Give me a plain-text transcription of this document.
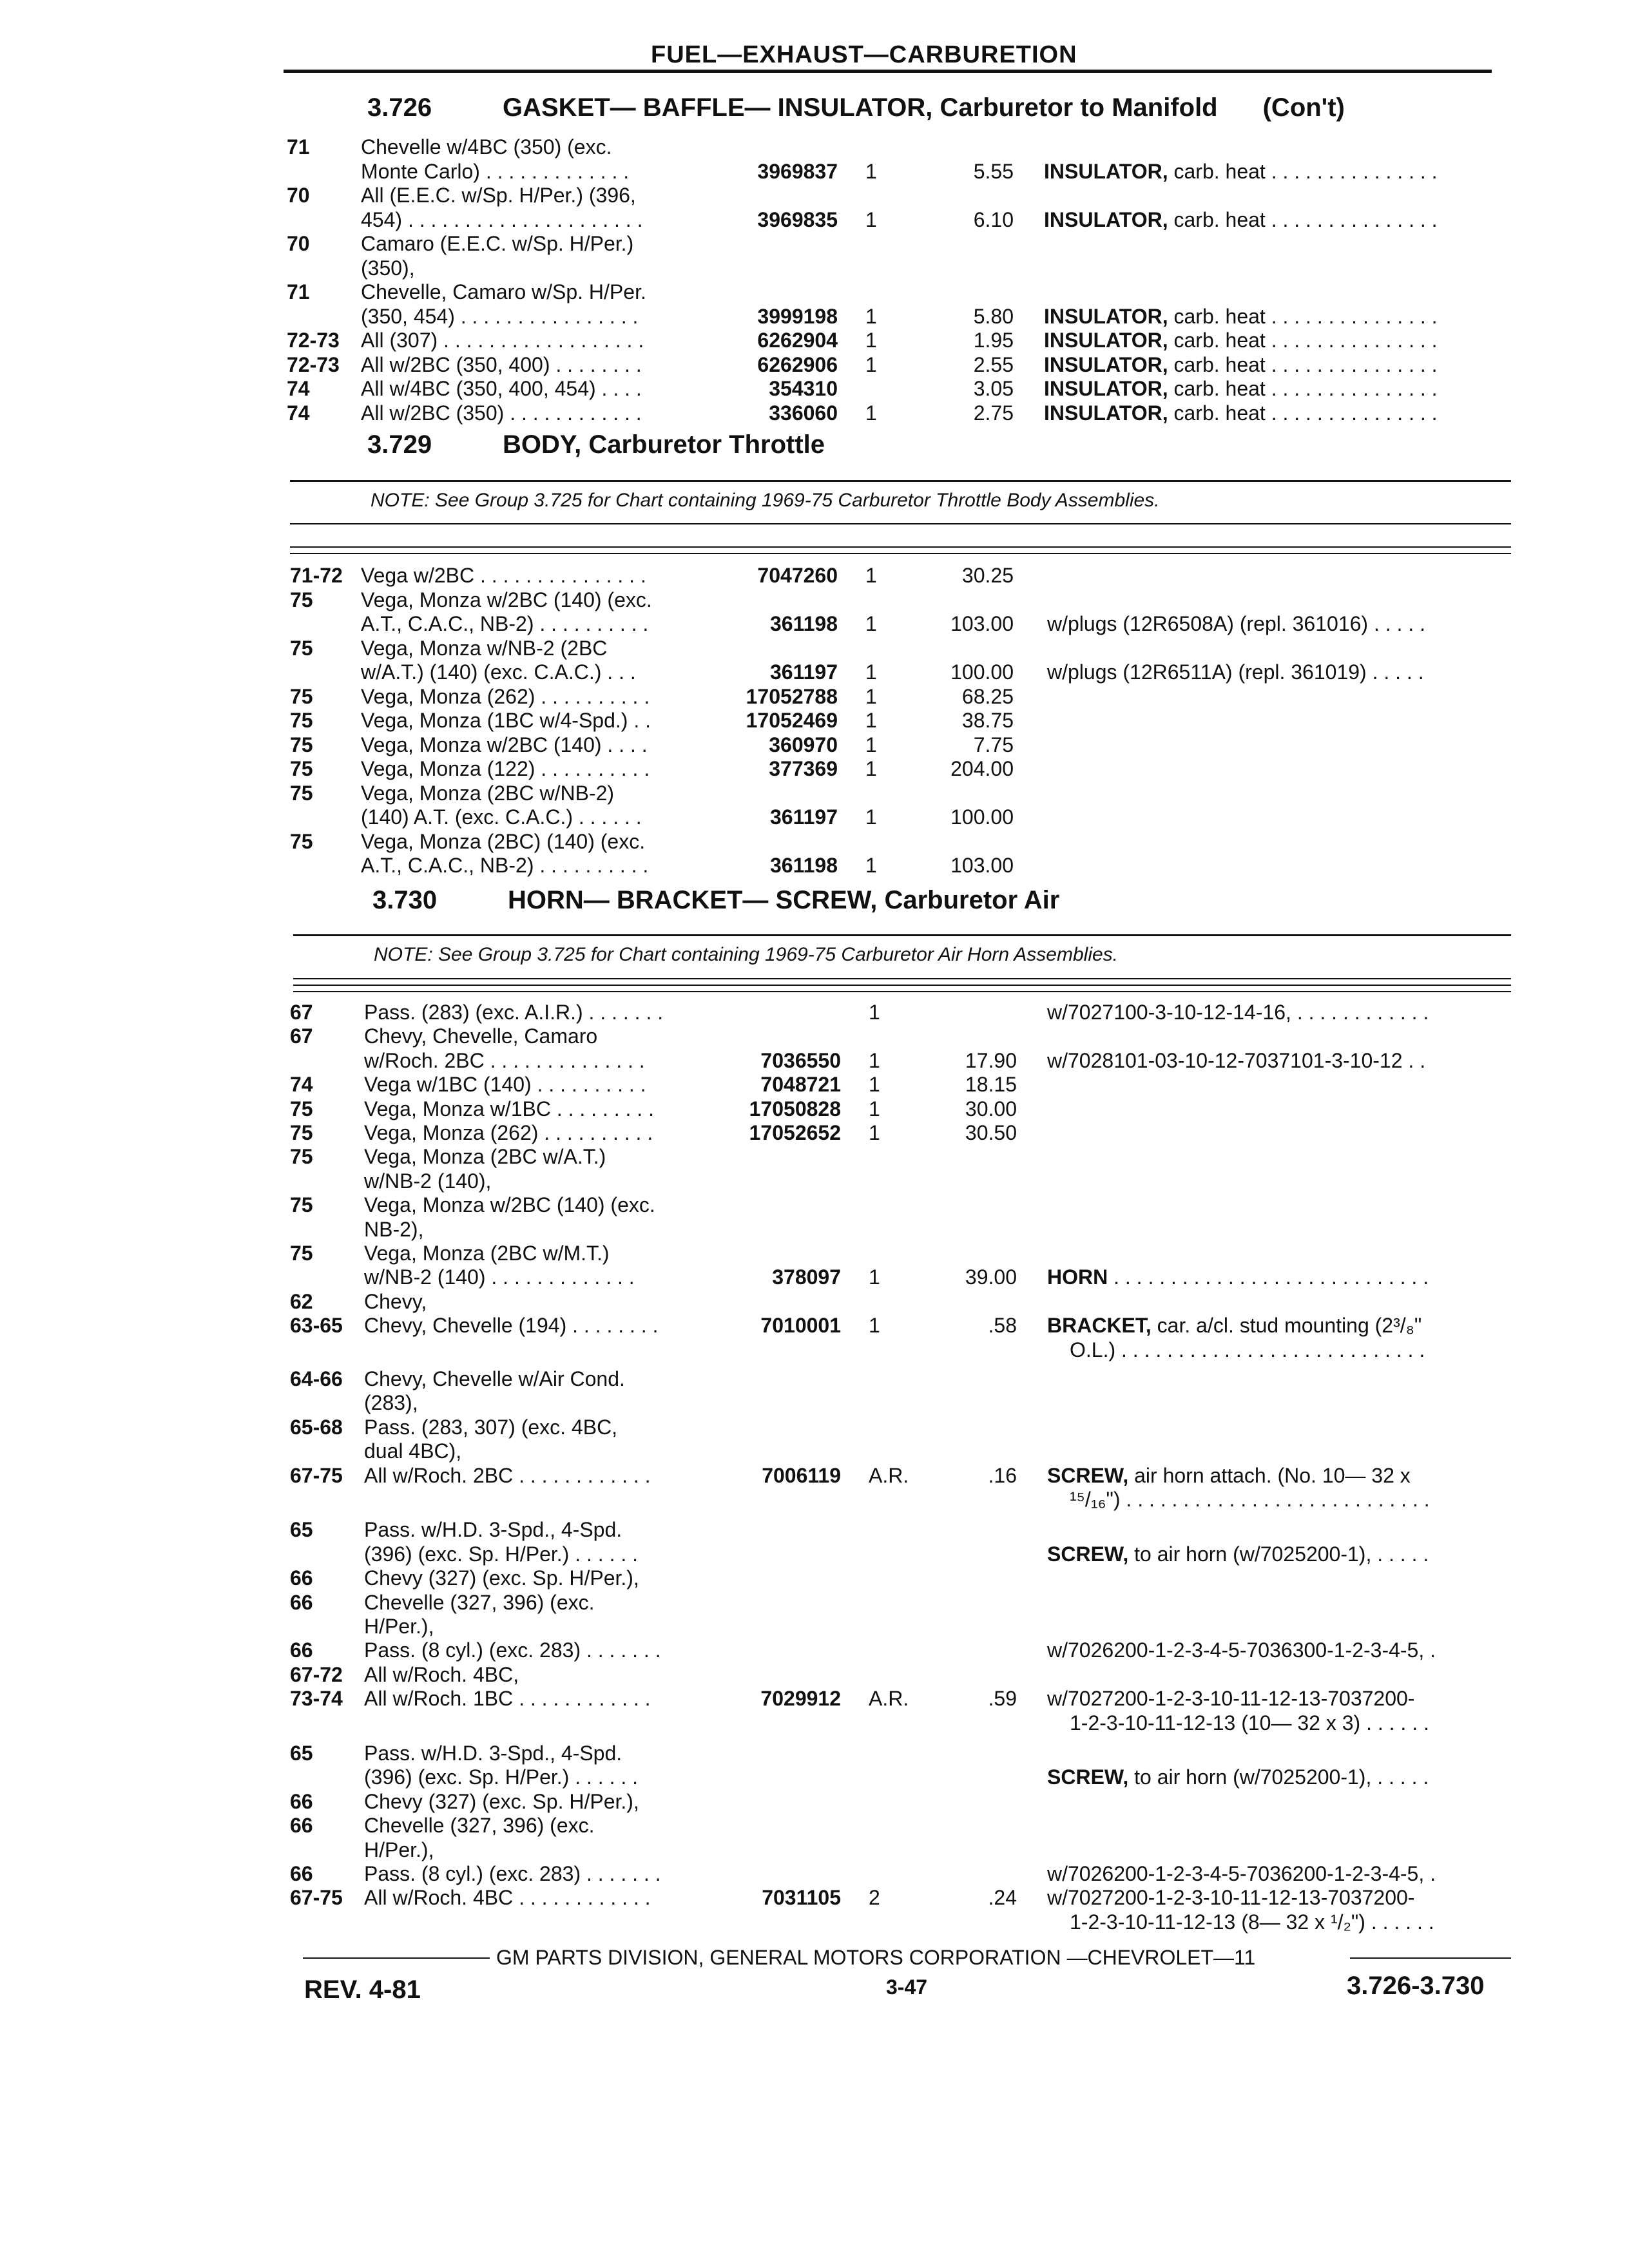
FUEL—EXHAUST—CARBURETION
3.726	GASKET— BAFFLE— INSULATOR, Carburetor to Manifold (Con't)
71 Chevelle w/4BC (350) (exc.
Monte Carlo) . . . . . . . . . . . . .	3969837 1	5.55 INSULATOR, carb. heat . . . . . . . . . . . . . . .
70 All (E.E.C. w/Sp. H/Per.) (396,
454) . . . . . . . . . . . . . . . . . . . . .	3969835 1	6.10 INSULATOR, carb. heat . . . . . . . . . . . . . . .
70 Camaro (E.E.C. w/Sp. H/Per.)
(350),
71 Chevelle, Camaro w/Sp. H/Per.
(350, 454) . . . . . . . . . . . . . . . .	3999198 1	5.80 INSULATOR, carb. heat . . . . . . . . . . . . . . .
72-73 All (307) . . . . . . . . . . . . . . . . . .	6262904 1	1.95 INSULATOR, carb. heat . . . . . . . . . . . . . . .
72-73 All w/2BC (350, 400) . . . . . . . .	6262906 1	2.55 INSULATOR, carb. heat . . . . . . . . . . . . . . .
74 All w/4BC (350, 400, 454) . . . .	354310	3.05 INSULATOR, carb. heat . . . . . . . . . . . . . . .
74 All w/2BC (350) . . . . . . . . . . . .	336060 1	2.75 INSULATOR, carb. heat . . . . . . . . . . . . . . .
3.729	BODY, Carburetor Throttle
NOTE: See Group 3.725 for Chart containing 1969-75 Carburetor Throttle Body Assemblies.
71-72 Vega w/2BC . . . . . . . . . . . . . . .	7047260 1	30.25
75 Vega, Monza w/2BC (140) (exc.
A.T., C.A.C., NB-2) . . . . . . . . . .	361198 1	103.00 w/plugs (12R6508A) (repl. 361016) . . . . .
75 Vega, Monza w/NB-2 (2BC
w/A.T.) (140) (exc. C.A.C.) . . .	361197 1	100.00 w/plugs (12R6511A) (repl. 361019) . . . . .
75 Vega, Monza (262) . . . . . . . . . .	17052788 1	68.25
75 Vega, Monza (1BC w/4-Spd.) . .	17052469 1	38.75
75 Vega, Monza w/2BC (140) . . . .	360970 1	7.75
75 Vega, Monza (122) . . . . . . . . . .	377369 1	204.00
75 Vega, Monza (2BC w/NB-2)
(140) A.T. (exc. C.A.C.) . . . . . .	361197 1	100.00
75 Vega, Monza (2BC) (140) (exc.
A.T., C.A.C., NB-2) . . . . . . . . . .	361198 1	103.00
3.730	HORN— BRACKET— SCREW, Carburetor Air
NOTE: See Group 3.725 for Chart containing 1969-75 Carburetor Air Horn Assemblies.
67 Pass. (283) (exc. A.I.R.) . . . . . . .	1	w/7027100-3-10-12-14-16, . . . . . . . . . . . .
67 Chevy, Chevelle, Camaro
w/Roch. 2BC . . . . . . . . . . . . . .	7036550 1	17.90 w/7028101-03-10-12-7037101-3-10-12 . .
74 Vega w/1BC (140) . . . . . . . . . .	7048721 1	18.15
75 Vega, Monza w/1BC . . . . . . . . .	17050828 1	30.00
75 Vega, Monza (262) . . . . . . . . . .	17052652 1	30.50
75 Vega, Monza (2BC w/A.T.)
w/NB-2 (140),
75 Vega, Monza w/2BC (140) (exc.
NB-2),
75 Vega, Monza (2BC w/M.T.)
w/NB-2 (140) . . . . . . . . . . . . .	378097 1	39.00 HORN . . . . . . . . . . . . . . . . . . . . . . . . . . . .
62 Chevy,
63-65 Chevy, Chevelle (194) . . . . . . . .	7010001 1	.58 BRACKET, car. a/cl. stud mounting (2³/₈"
O.L.) . . . . . . . . . . . . . . . . . . . . . . . . . . .
64-66 Chevy, Chevelle w/Air Cond.
(283),
65-68 Pass. (283, 307) (exc. 4BC,
dual 4BC),
67-75 All w/Roch. 2BC . . . . . . . . . . . .	7006119 A.R.	.16 SCREW, air horn attach. (No. 10— 32 x
¹⁵/₁₆") . . . . . . . . . . . . . . . . . . . . . . . . . . .
65 Pass. w/H.D. 3-Spd., 4-Spd.
(396) (exc. Sp. H/Per.) . . . . . .	SCREW, to air horn (w/7025200-1), . . . . .
66 Chevy (327) (exc. Sp. H/Per.),
66 Chevelle (327, 396) (exc.
H/Per.),
66 Pass. (8 cyl.) (exc. 283) . . . . . . .	w/7026200-1-2-3-4-5-7036300-1-2-3-4-5, .
67-72 All w/Roch. 4BC,
73-74 All w/Roch. 1BC . . . . . . . . . . . .	7029912 A.R.	.59 w/7027200-1-2-3-10-11-12-13-7037200-
1-2-3-10-11-12-13 (10— 32 x 3) . . . . . .
65 Pass. w/H.D. 3-Spd., 4-Spd.
(396) (exc. Sp. H/Per.) . . . . . .	SCREW, to air horn (w/7025200-1), . . . . .
66 Chevy (327) (exc. Sp. H/Per.),
66 Chevelle (327, 396) (exc.
H/Per.),
66 Pass. (8 cyl.) (exc. 283) . . . . . . .	w/7026200-1-2-3-4-5-7036200-1-2-3-4-5, .
67-75 All w/Roch. 4BC . . . . . . . . . . . .	7031105 2	.24 w/7027200-1-2-3-10-11-12-13-7037200-
1-2-3-10-11-12-13 (8— 32 x ¹/₂") . . . . . .
GM PARTS DIVISION, GENERAL MOTORS CORPORATION —CHEVROLET—11
REV. 4-81	3-47	3.726-3.730
